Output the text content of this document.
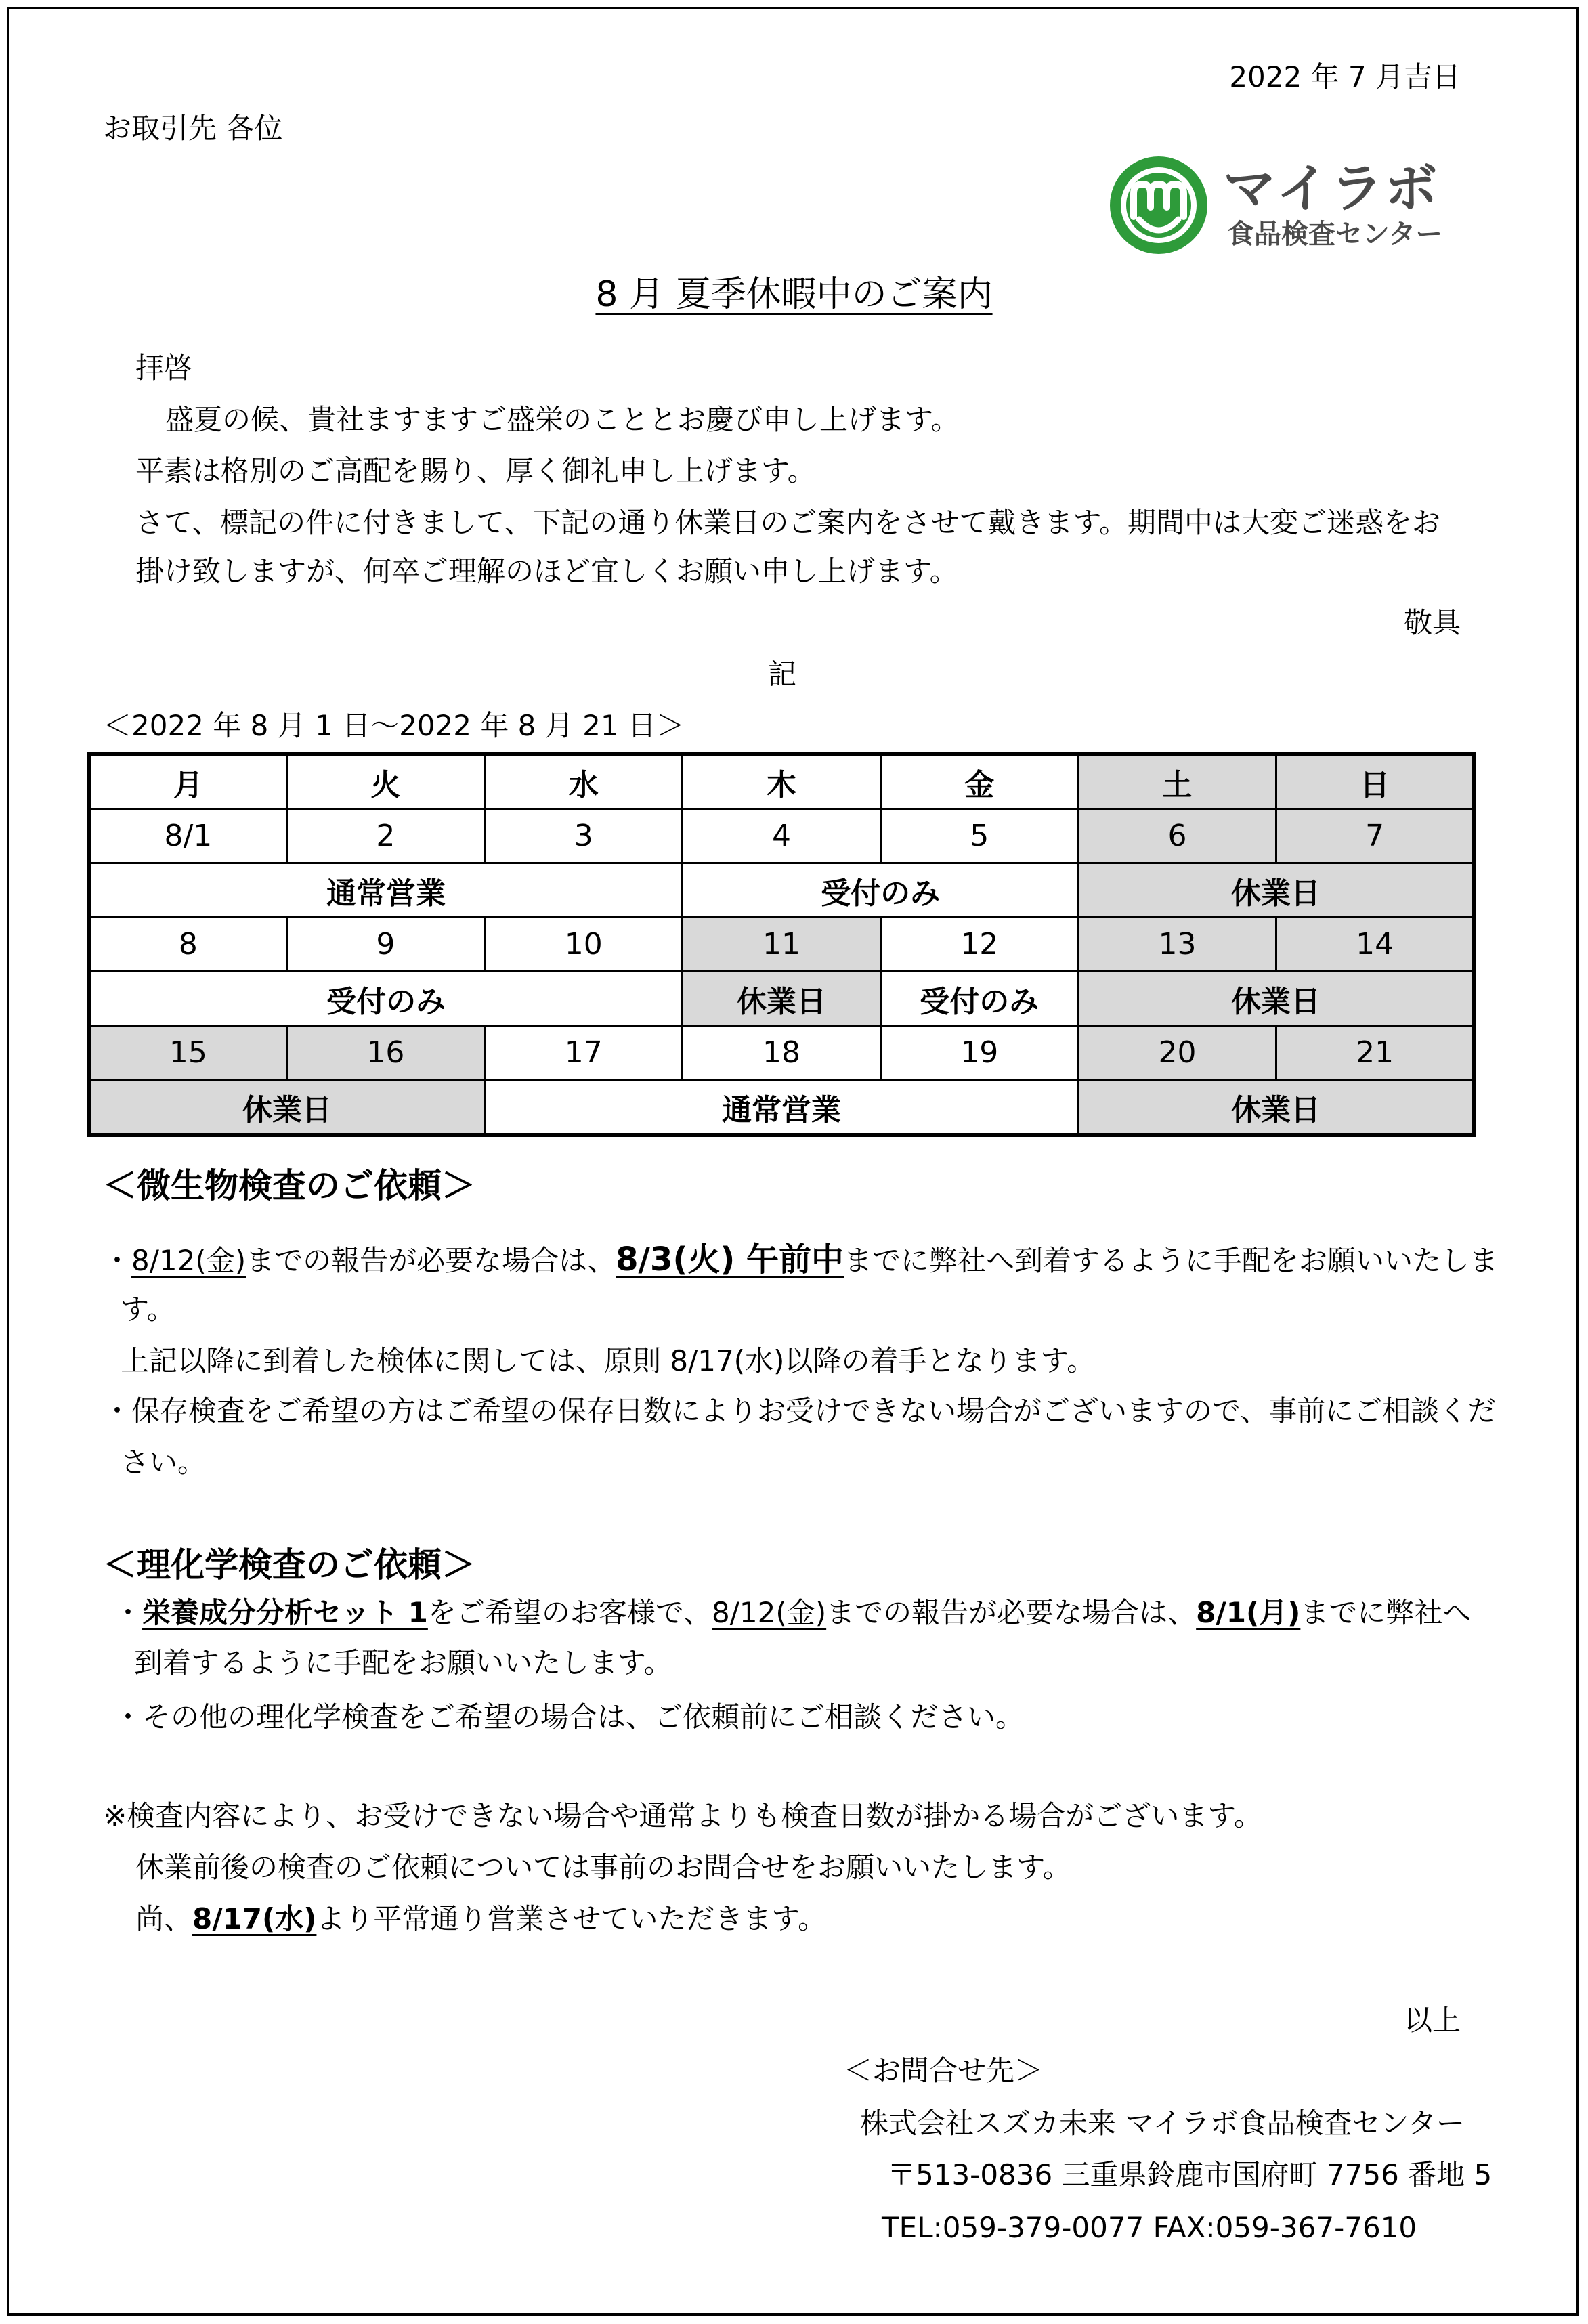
2022 年 7 月吉日
お取引先 各位
マイラボ
食品検査センター
8 月 夏季休暇中のご案内
拝啓
盛夏の候、貴社ますますご盛栄のこととお慶び申し上げます。
平素は格別のご高配を賜り、厚く御礼申し上げます。
さて、標記の件に付きまして、下記の通り休業日のご案内をさせて戴きます。期間中は大変ご迷惑をお
掛け致しますが、何卒ご理解のほど宜しくお願い申し上げます。
敬具
記
＜2022 年 8 月 1 日～2022 年 8 月 21 日＞
月	火	水	木	金	土	日
8/1	2	3	4	5	6	7
通常営業			受付のみ		休業日	
8	9	10	11	12	13	14
受付のみ			休業日	受付のみ	休業日	
15	16	17	18	19	20	21
休業日		通常営業			休業日	
＜微生物検査のご依頼＞
・8/12(金)までの報告が必要な場合は、8/3(火) 午前中までに弊社へ到着するように手配をお願いいたしま
す。
上記以降に到着した検体に関しては、原則 8/17(水)以降の着手となります。
・保存検査をご希望の方はご希望の保存日数によりお受けできない場合がございますので、事前にご相談くだ
さい。
＜理化学検査のご依頼＞
・栄養成分分析セット 1をご希望のお客様で、8/12(金)までの報告が必要な場合は、8/1(月)までに弊社へ
到着するように手配をお願いいたします。
・その他の理化学検査をご希望の場合は、ご依頼前にご相談ください。
※検査内容により、お受けできない場合や通常よりも検査日数が掛かる場合がございます。
休業前後の検査のご依頼については事前のお問合せをお願いいたします。
尚、8/17(水)より平常通り営業させていただきます。
以上
＜お問合せ先＞
株式会社スズカ未来 マイラボ食品検査センター
〒513-0836 三重県鈴鹿市国府町 7756 番地 5
TEL:059-379-0077 FAX:059-367-7610
